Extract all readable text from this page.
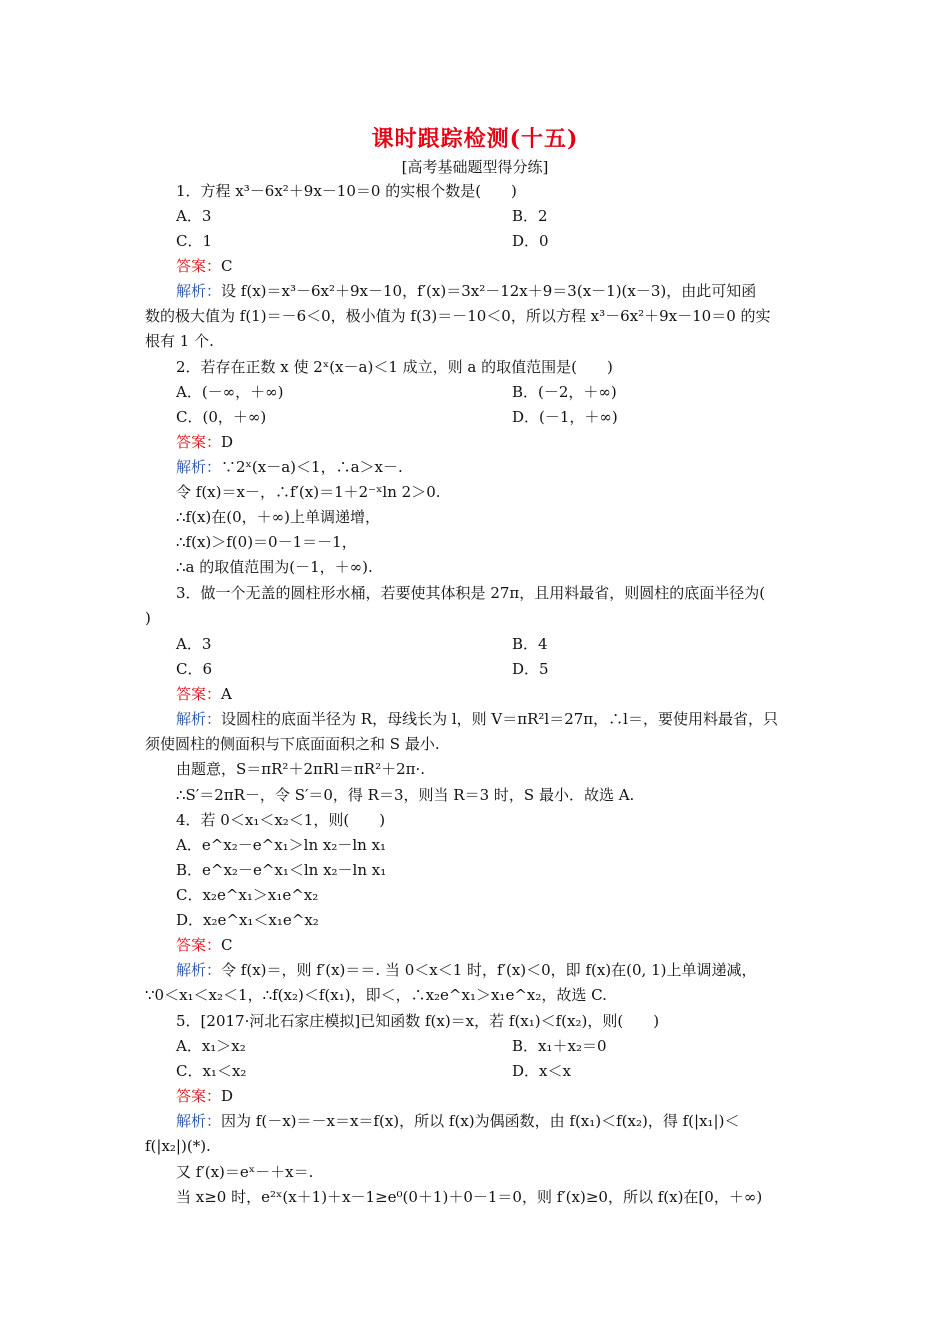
课时跟踪检测(十五)
[高考基础题型得分练]
1．方程 x³－6x²＋9x－10＝0 的实根个数是(　　)
A．3	B．2
C．1	D．0
答案：C
解析：设 f(x)＝x³－6x²＋9x－10，f′(x)＝3x²－12x＋9＝3(x－1)(x－3)，由此可知函
数的极大值为 f(1)＝－6＜0，极小值为 f(3)＝－10＜0，所以方程 x³－6x²＋9x－10＝0 的实
根有 1 个.
2．若存在正数 x 使 2ˣ(x－a)＜1 成立，则 a 的取值范围是(　　)
A．(－∞，＋∞)	B．(－2，＋∞)
C．(0，＋∞)	D．(－1，＋∞)
答案：D
解析：∵2ˣ(x－a)＜1，∴a＞x－.
令 f(x)＝x－，∴f′(x)＝1＋2⁻ˣln 2＞0.
∴f(x)在(0，＋∞)上单调递增，
∴f(x)＞f(0)＝0－1＝－1，
∴a 的取值范围为(－1，＋∞).
3．做一个无盖的圆柱形水桶，若要使其体积是 27π，且用料最省，则圆柱的底面半径为(
)
A．3	B．4
C．6	D．5
答案：A
解析：设圆柱的底面半径为 R，母线长为 l，则 V＝πR²l＝27π，∴l＝，要使用料最省，只
须使圆柱的侧面积与下底面面积之和 S 最小.
由题意，S＝πR²＋2πRl＝πR²＋2π·.
∴S′＝2πR－，令 S′＝0，得 R＝3，则当 R＝3 时，S 最小．故选 A.
4．若 0＜x₁＜x₂＜1，则(　　)
A．e^x₂－e^x₁＞ln x₂－ln x₁
B．e^x₂－e^x₁＜ln x₂－ln x₁
C．x₂e^x₁＞x₁e^x₂
D．x₂e^x₁＜x₁e^x₂
答案：C
解析：令 f(x)＝，则 f′(x)＝＝. 当 0＜x＜1 时，f′(x)＜0，即 f(x)在(0, 1)上单调递减，
∵0＜x₁＜x₂＜1，∴f(x₂)＜f(x₁)，即＜，∴x₂e^x₁＞x₁e^x₂，故选 C.
5．[2017·河北石家庄模拟]已知函数 f(x)＝x，若 f(x₁)＜f(x₂)，则(　　)
A．x₁＞x₂	B．x₁＋x₂＝0
C．x₁＜x₂	D．x＜x
答案：D
解析：因为 f(－x)＝－x＝x＝f(x)，所以 f(x)为偶函数，由 f(x₁)＜f(x₂)，得 f(|x₁|)＜
f(|x₂|)(*).
又 f′(x)＝eˣ－＋x＝.
当 x≥0 时，e²ˣ(x＋1)＋x－1≥e⁰(0＋1)＋0－1＝0，则 f′(x)≥0，所以 f(x)在[0，＋∞)
